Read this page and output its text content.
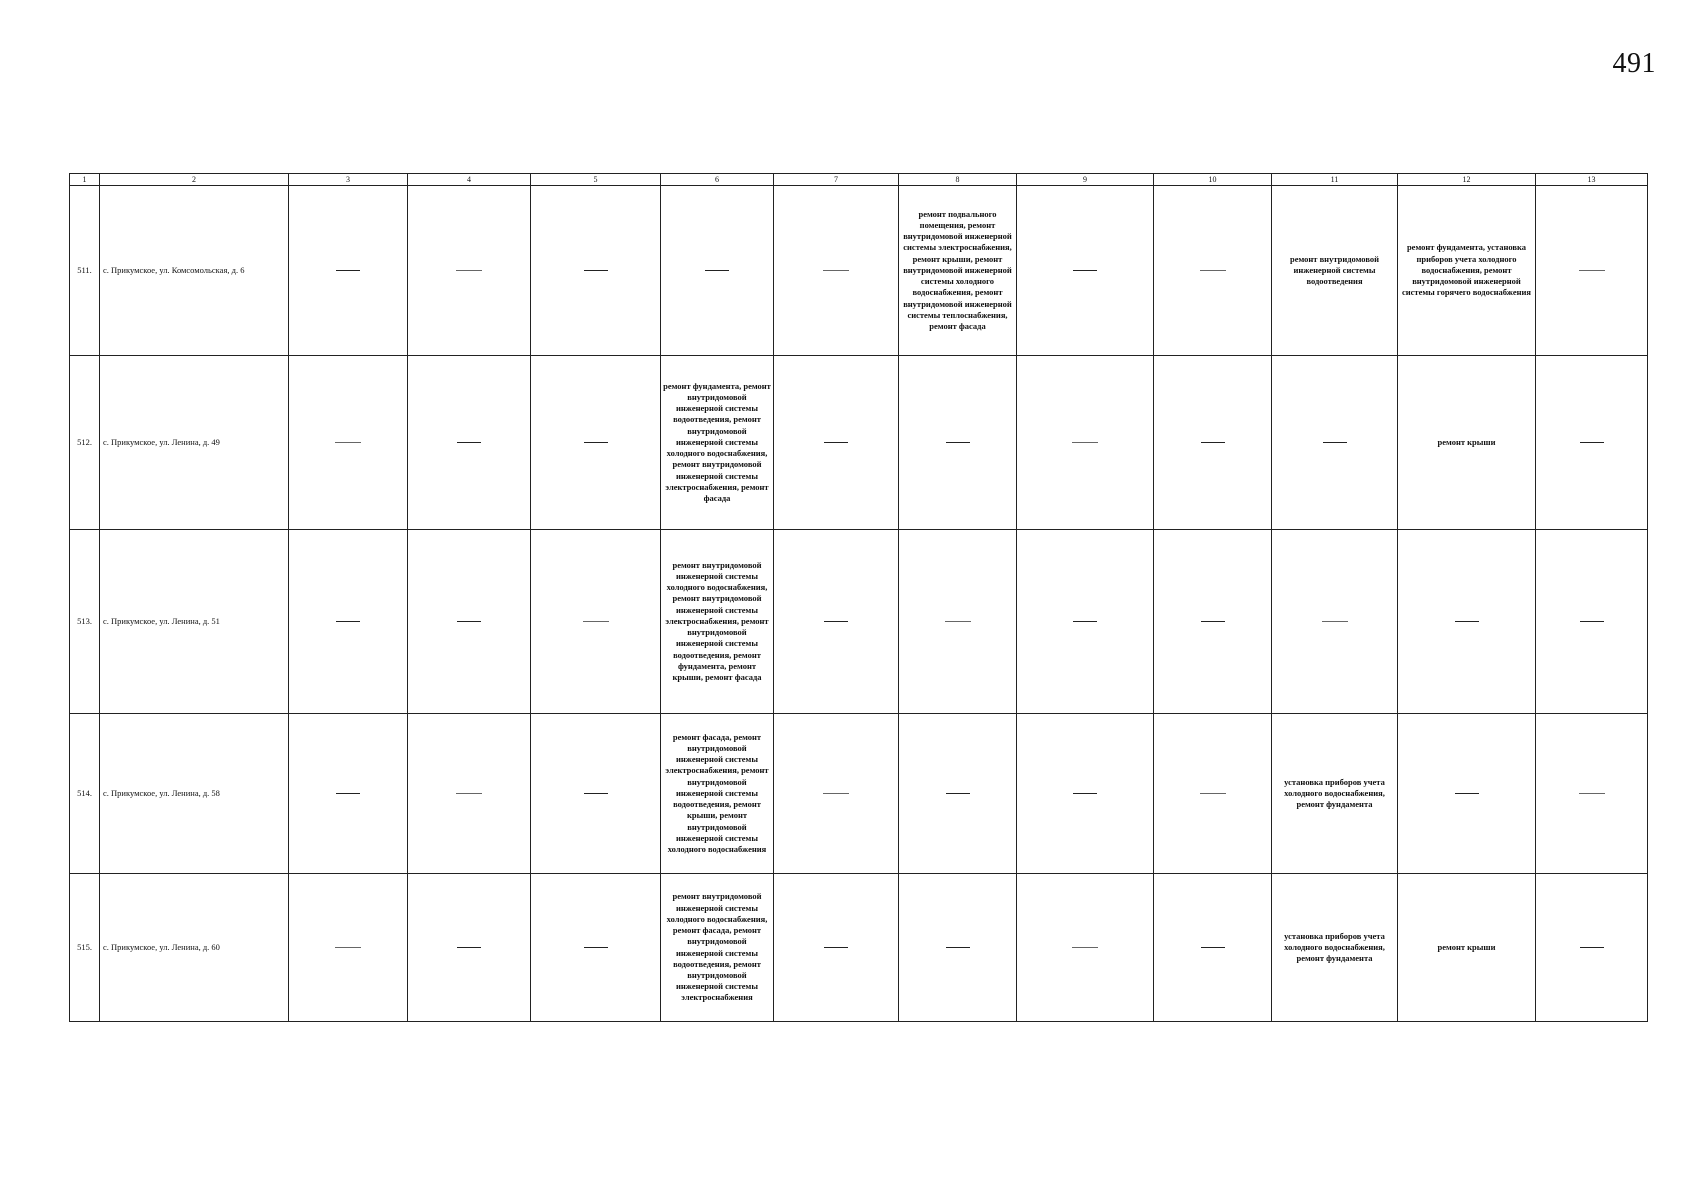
491
1	2	3	4	5	6	7	8	9	10	11	12	13
511.	с. Прикумское, ул. Комсомольская, д. 6						ремонт подвального помещения, ремонт внутридомовой инженерной системы электроснабжения, ремонт крыши, ремонт внутридомовой инженерной системы холодного водоснабжения, ремонт внутридомовой инженерной системы теплоснабжения, ремонт фасада			ремонт внутридомовой инженерной системы водоотведения	ремонт фундамента, установка приборов учета холодного водоснабжения, ремонт внутридомовой инженерной системы горячего водоснабжения	
512.	с. Прикумское, ул. Ленина, д. 49				ремонт фундамента, ремонт внутридомовой инженерной системы водоотведения, ремонт внутридомовой инженерной системы холодного водоснабжения, ремонт внутридомовой инженерной системы электроснабжения, ремонт фасада						ремонт крыши	
513.	с. Прикумское, ул. Ленина, д. 51				ремонт внутридомовой инженерной системы холодного водоснабжения, ремонт внутридомовой инженерной системы электроснабжения, ремонт внутридомовой инженерной системы водоотведения, ремонт фундамента, ремонт крыши, ремонт фасада							
514.	с. Прикумское, ул. Ленина, д. 58				ремонт фасада, ремонт внутридомовой инженерной системы электроснабжения, ремонт внутридомовой инженерной системы водоотведения, ремонт крыши, ремонт внутридомовой инженерной системы холодного водоснабжения					установка приборов учета холодного водоснабжения, ремонт фундамента		
515.	с. Прикумское, ул. Ленина, д. 60				ремонт внутридомовой инженерной системы холодного водоснабжения, ремонт фасада, ремонт внутридомовой инженерной системы водоотведения, ремонт внутридомовой инженерной системы электроснабжения					установка приборов учета холодного водоснабжения, ремонт фундамента	ремонт крыши	
